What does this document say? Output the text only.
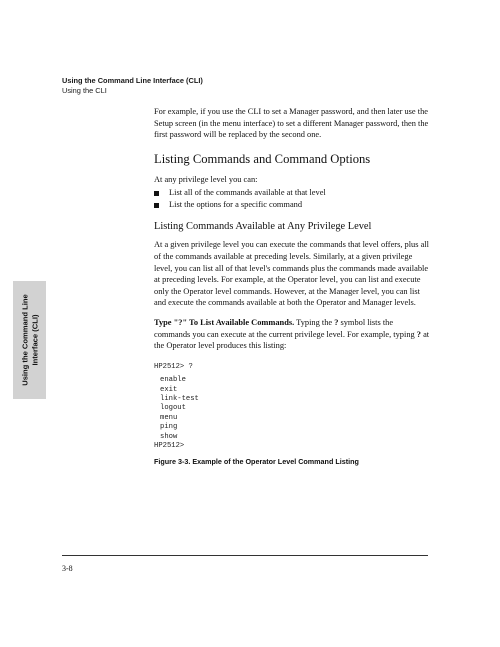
Using the Command Line Interface (CLI)
Using the CLI
Using the Command Line Interface (CLI)

For example, if you use the CLI to set a Manager password, and then later use the Setup screen (in the menu interface) to set a different Manager password, then the first password will be replaced by the second one.

Listing Commands and Command Options

At any privilege level you can:

List all of the commands available at that level
List the options for a specific command
Listing Commands Available at Any Privilege Level

At a given privilege level you can execute the commands that level offers, plus all of the commands available at preceding levels. Similarly, at a given privilege level, you can list all of that level's commands plus the commands made available at preceding levels. For example, at the Operator level, you can list and execute only the Operator level commands. However, at the Manager level, you can list and execute the commands available at both the Operator and Manager levels.

Type "?" To List Available Commands. Typing the ? symbol lists the commands you can execute at the current privilege level. For example, typing ? at the Operator level produces this listing:

HP2512> ?
enable
exit
link-test
logout
menu
ping
show
HP2512>
Figure 3-3. Example of the Operator Level Command Listing
3-8
